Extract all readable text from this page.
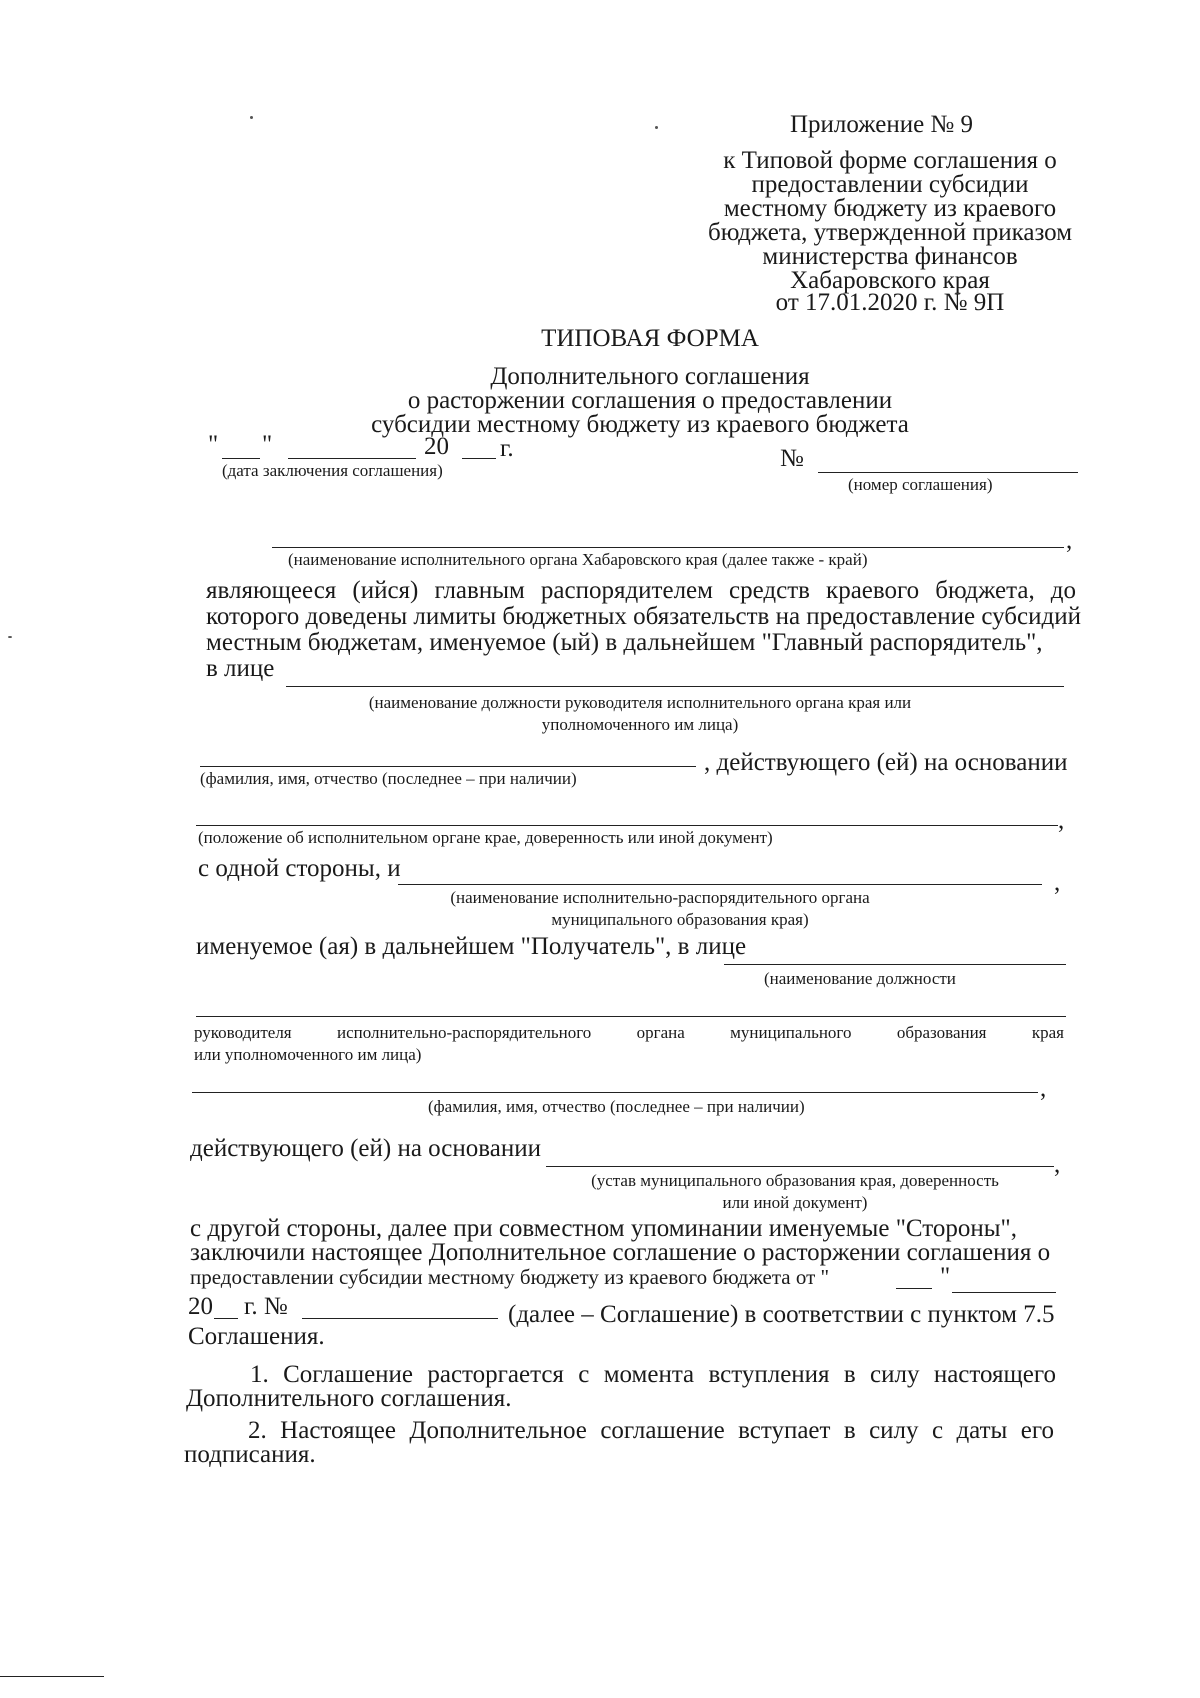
Приложение № 9
к Типовой форме соглашения о
предоставлении субсидии
местному бюджету из краевого
бюджета, утвержденной приказом
министерства финансов
Хабаровского края
от 17.01.2020 г. № 9П
ТИПОВАЯ ФОРМА
Дополнительного соглашения
о расторжении соглашения о предоставлении
субсидии местному бюджету из краевого бюджета
" "	20 г.
(дата заключения соглашения)	№
(номер соглашения)
,
(наименование исполнительного органа Хабаровского края (далее также - край)
являющееся (ийся) главным распорядителем средств краевого бюджета, до
которого доведены лимиты бюджетных обязательств на предоставление субсидий
местным бюджетам, именуемое (ый) в дальнейшем "Главный распорядитель",
в лице
(наименование должности руководителя исполнительного органа края или
уполномоченного им лица)
, действующего (ей) на основании
(фамилия, имя, отчество (последнее – при наличии)
,
(положение об исполнительном органе крае, доверенность или иной документ)
с одной стороны, и
,
(наименование исполнительно-распорядительного органа
муниципального образования края)
именуемое (ая) в дальнейшем "Получатель", в лице
(наименование должности
руководителя исполнительно-распорядительного органа муниципального образования края
или уполномоченного им лица)
,
(фамилия, имя, отчество (последнее – при наличии)
действующего (ей) на основании
,
(устав муниципального образования края, доверенность
или иной документ)
с другой стороны, далее при совместном упоминании именуемые "Стороны",
заключили настоящее Дополнительное соглашение о расторжении соглашения о
предоставлении субсидии местному бюджету из краевого бюджета от "	"
20 г. №	(далее – Соглашение) в соответствии с пунктом 7.5
Соглашения.
1. Соглашение расторгается с момента вступления в силу настоящего
Дополнительного соглашения.
2. Настоящее Дополнительное соглашение вступает в силу с даты его
подписания.
